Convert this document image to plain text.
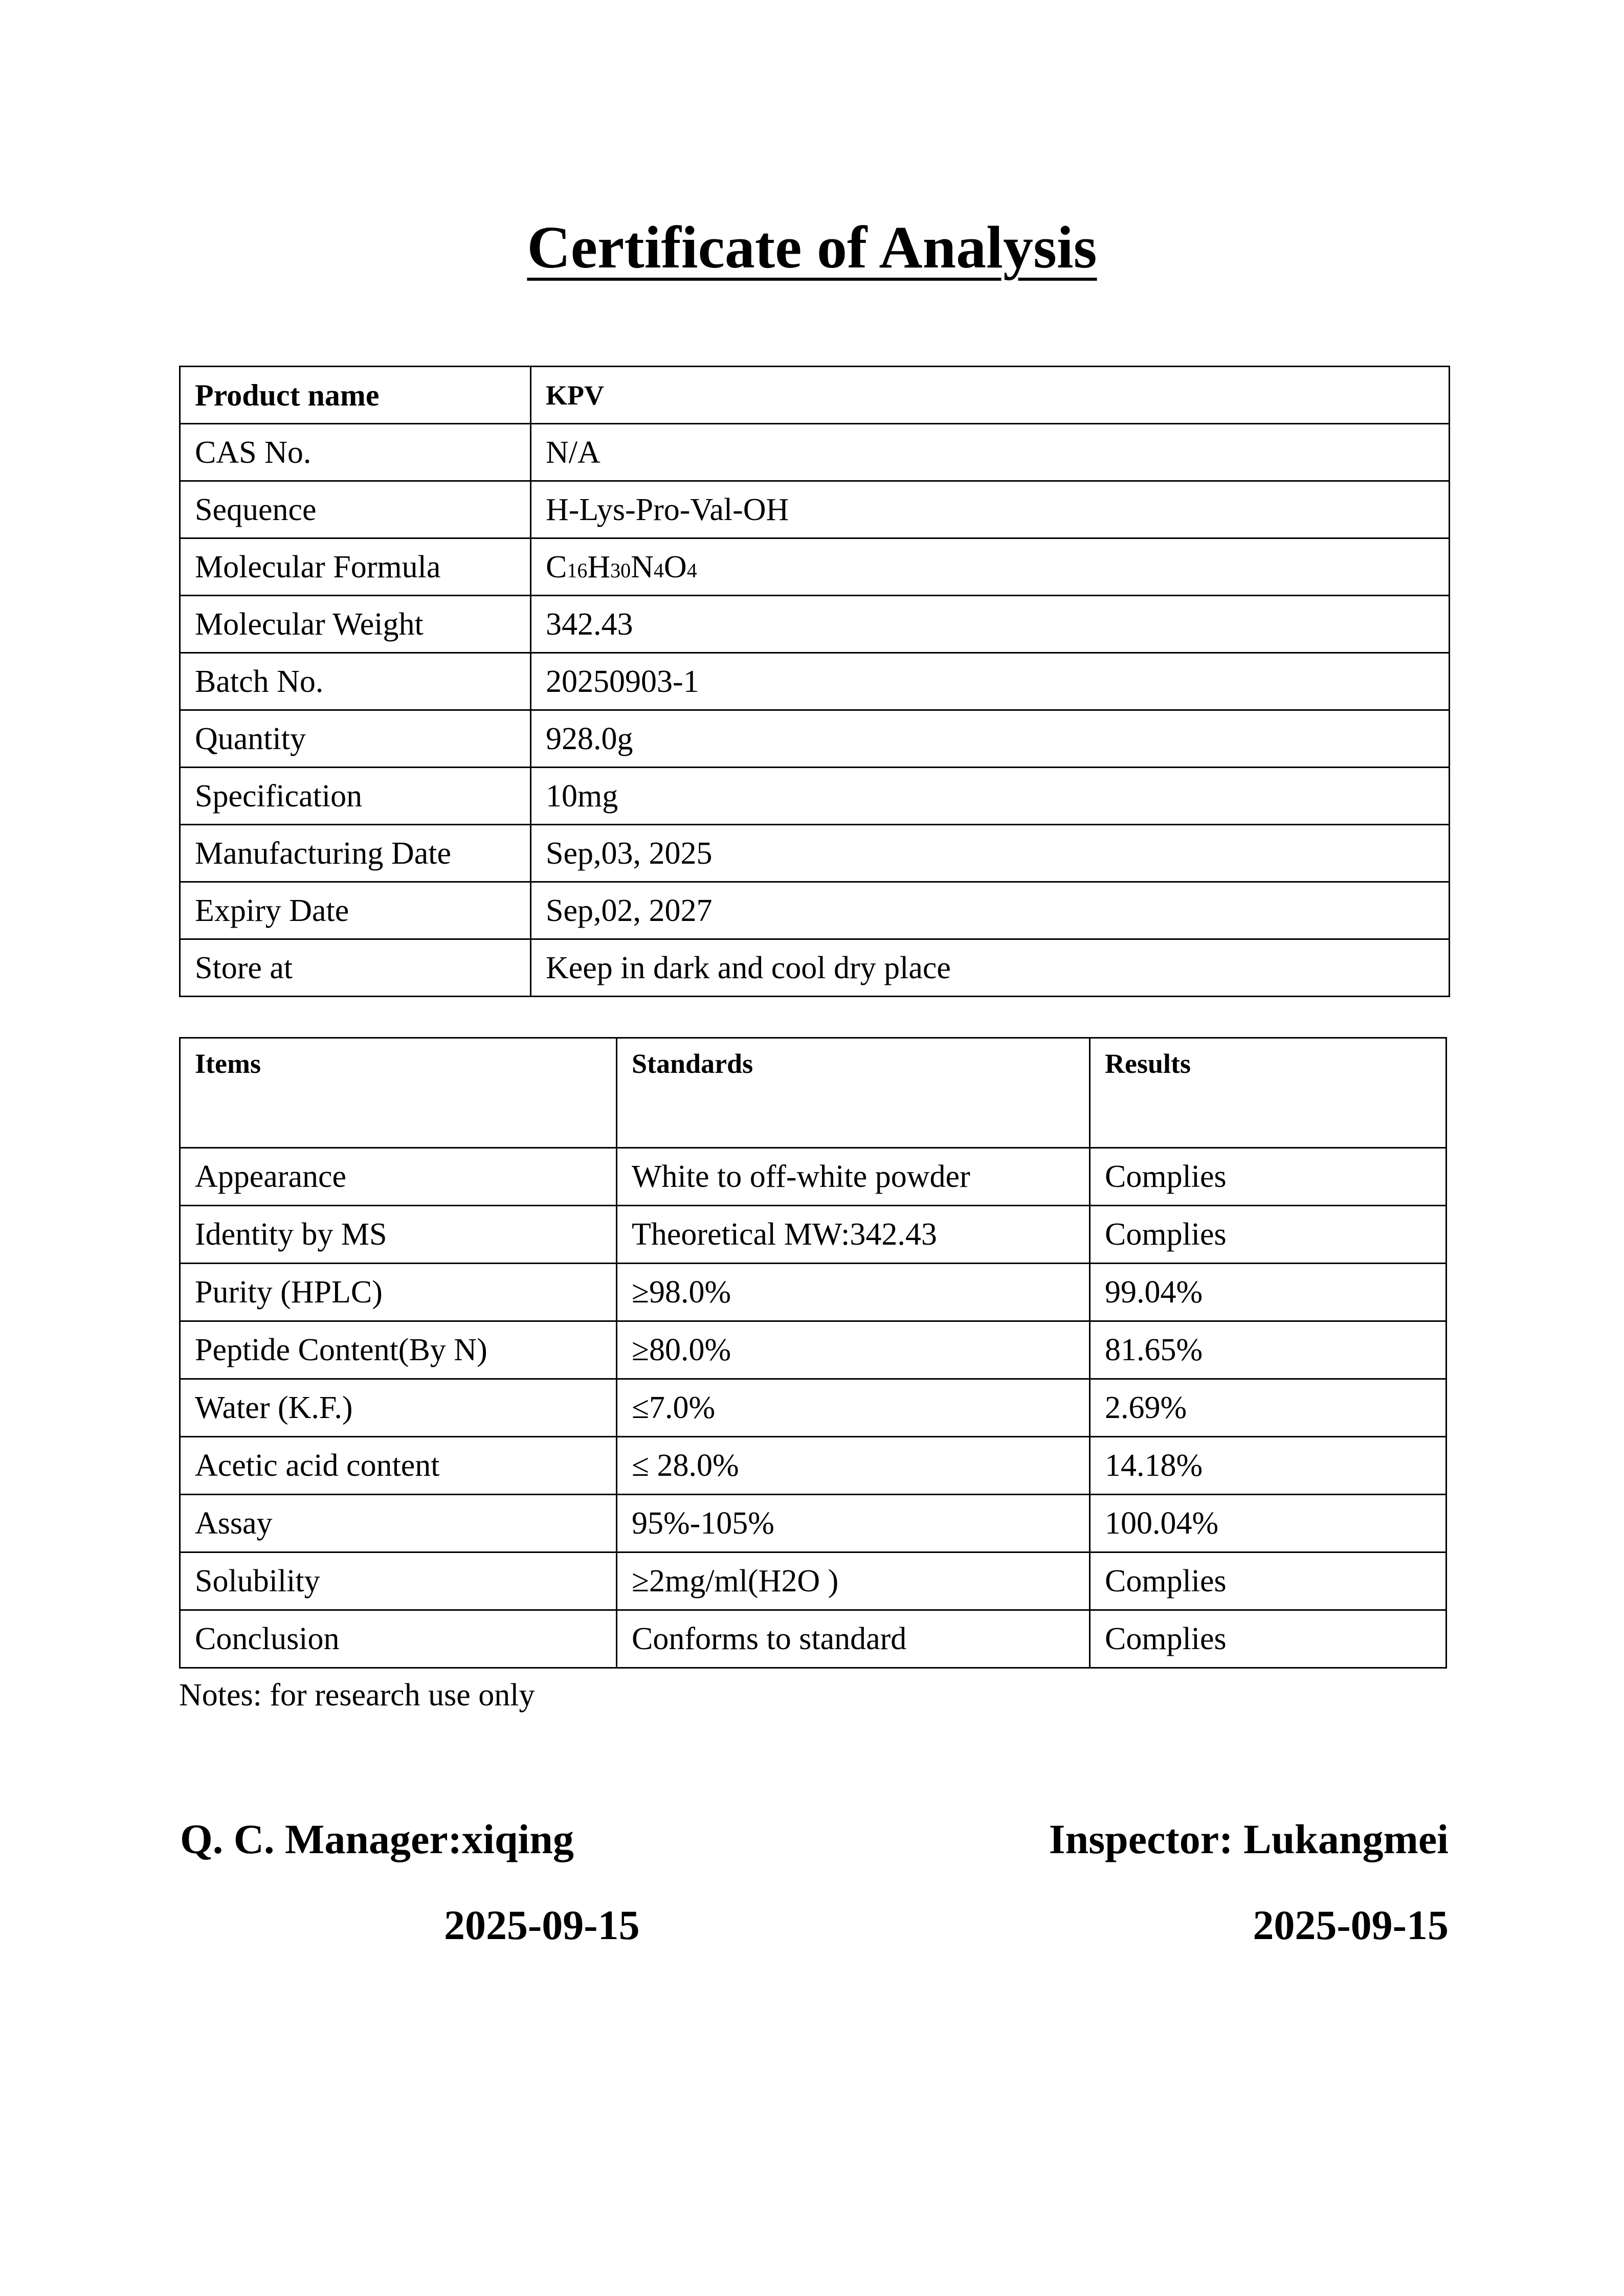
Certificate of Analysis
Product name	KPV
CAS No.	N/A
Sequence	H-Lys-Pro-Val-OH
Molecular Formula	C16H30N4O4
Molecular Weight	342.43
Batch No.	20250903-1
Quantity	928.0g
Specification	10mg
Manufacturing Date	Sep,03, 2025
Expiry Date	Sep,02, 2027
Store at	Keep in dark and cool dry place
Items	Standards	Results
Appearance	White to off-white powder	Complies
Identity by MS	Theoretical MW:342.43	Complies
Purity (HPLC)	≥98.0%	99.04%
Peptide Content(By N)	≥80.0%	81.65%
Water (K.F.)	≤7.0%	2.69%
Acetic acid content	≤ 28.0%	14.18%
Assay	95%-105%	100.04%
Solubility	≥2mg/ml(H2O )	Complies
Conclusion	Conforms to standard	Complies
Notes: for research use only
Q. C. Manager:xiqing
2025-09-15
Inspector: Lukangmei
2025-09-15
